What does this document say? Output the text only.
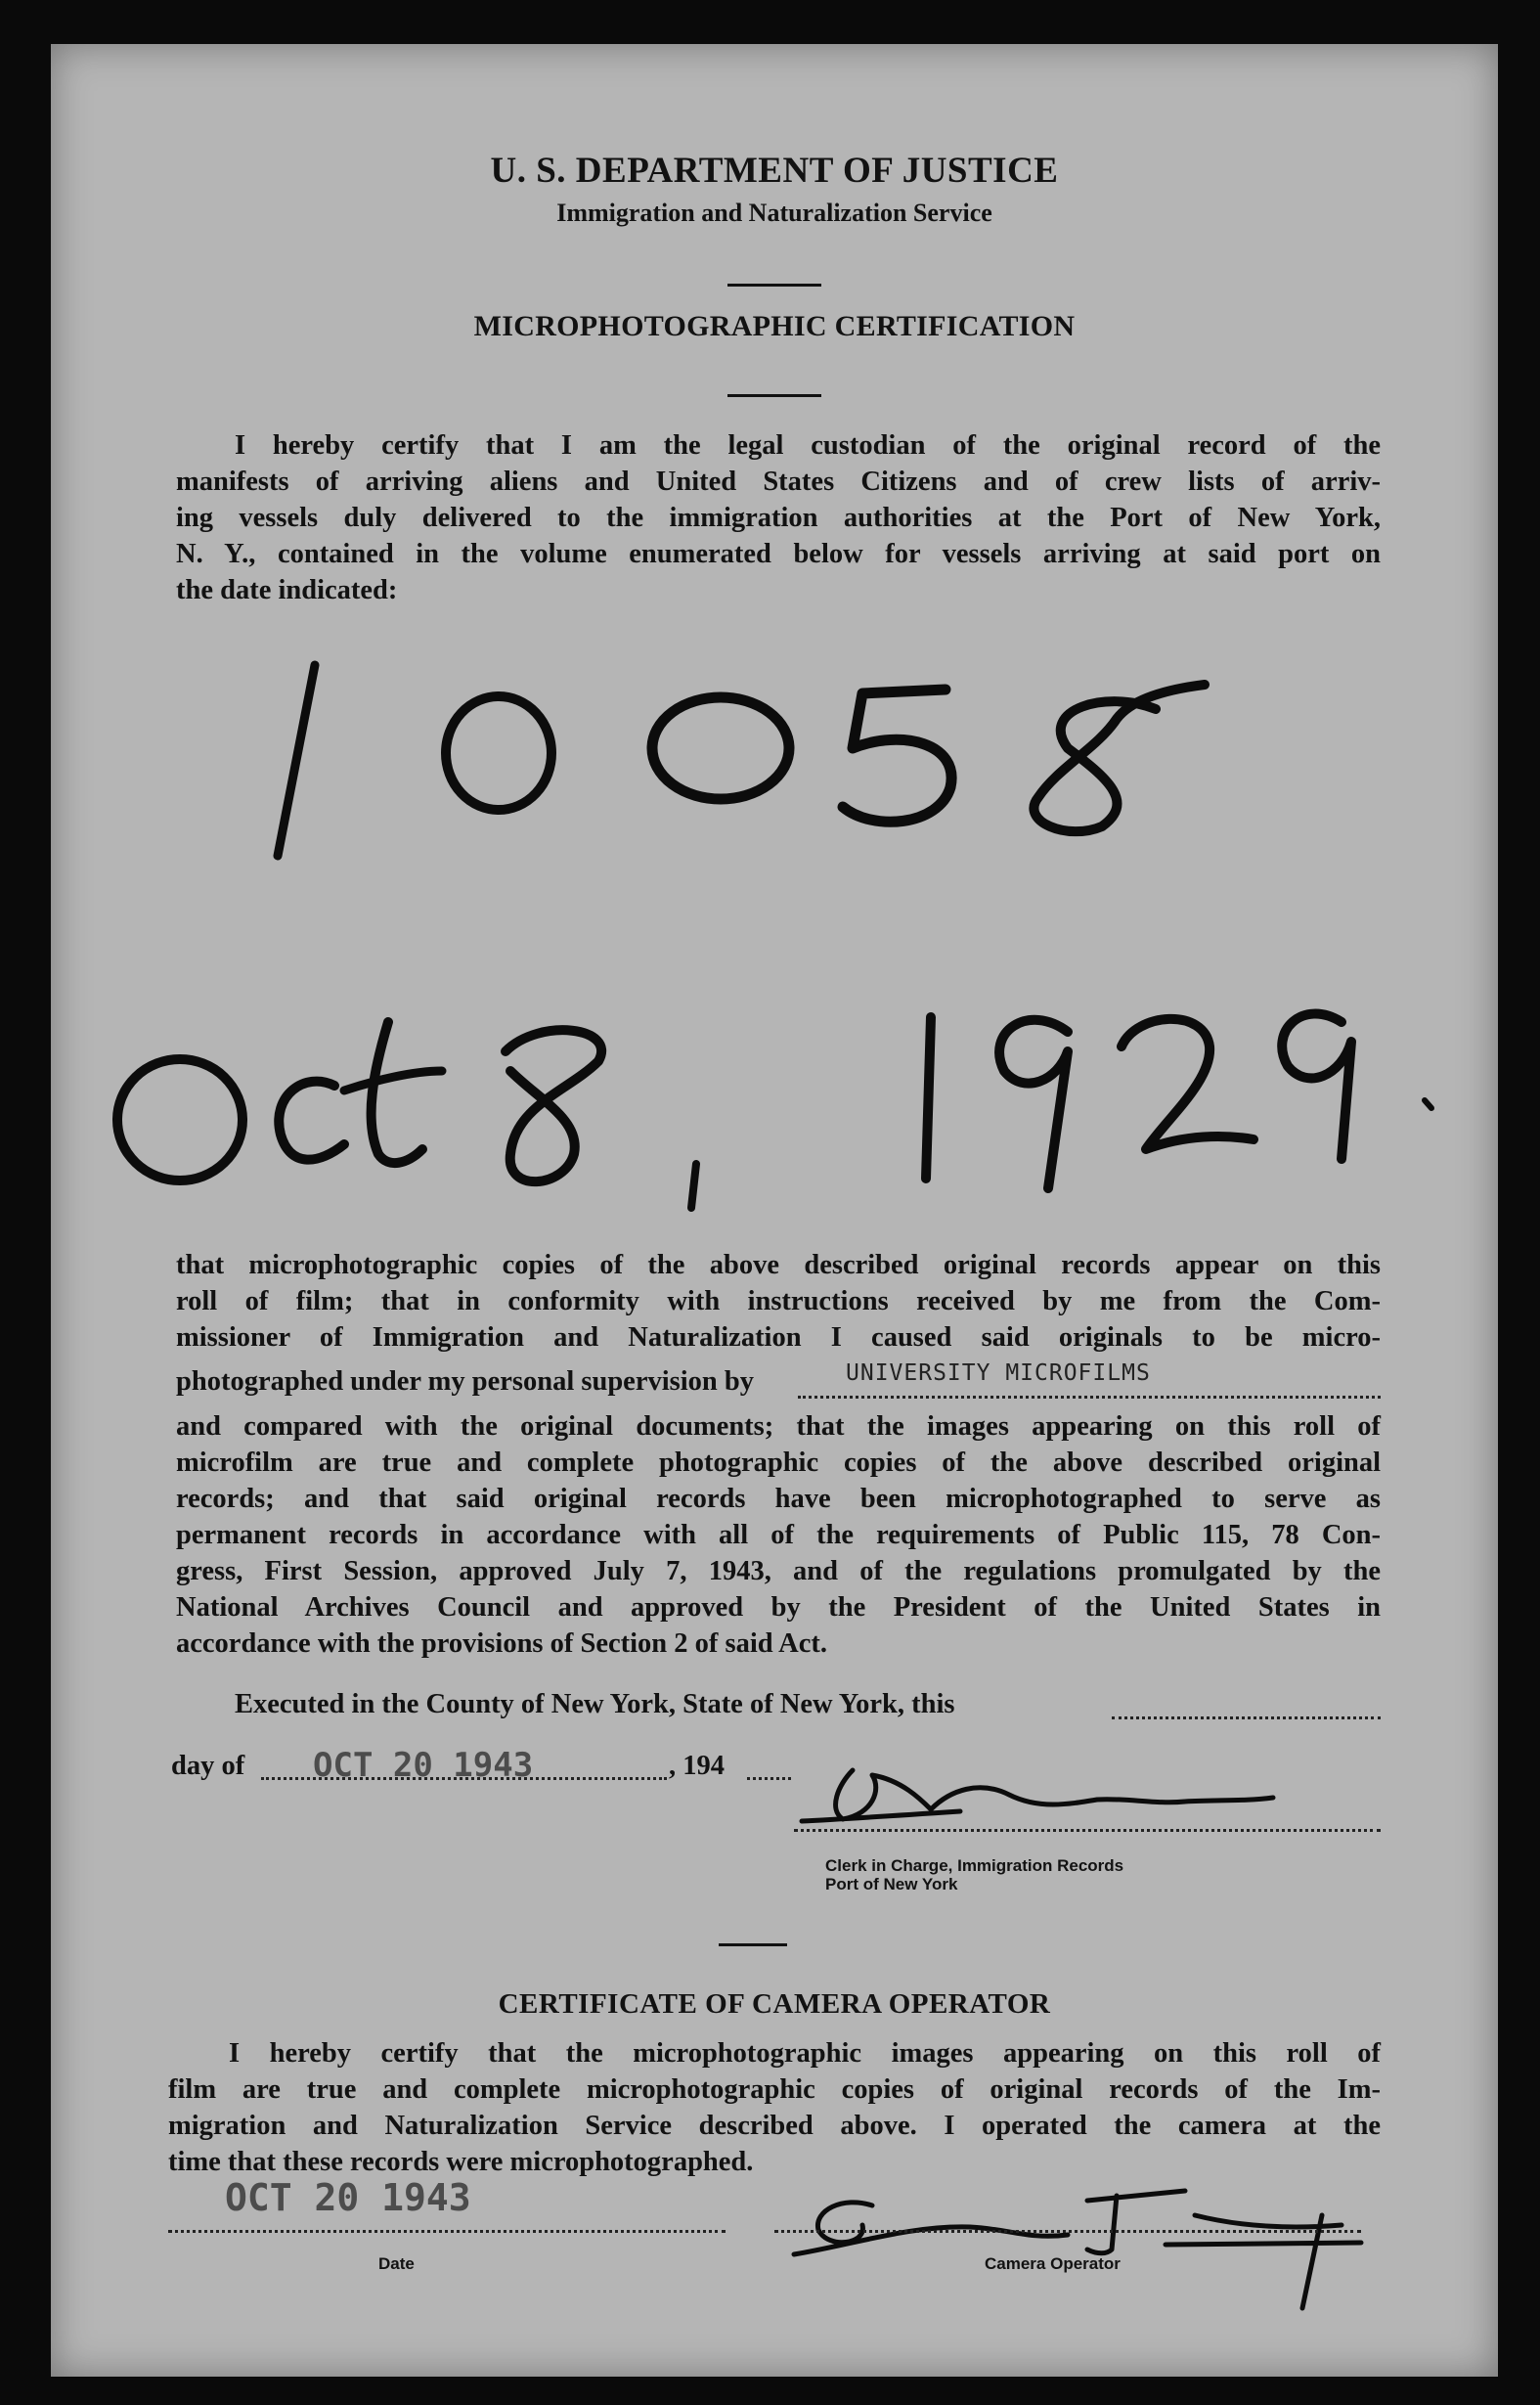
U. S. DEPARTMENT OF JUSTICE
Immigration and Naturalization Service
MICROPHOTOGRAPHIC CERTIFICATION
I hereby certify that I am the legal custodian of the original record of the
manifests of arriving aliens and United States Citizens and of crew lists of arriv-
ing vessels duly delivered to the immigration authorities at the Port of New York,
N. Y., contained in the volume enumerated below for vessels arriving at said port on
the date indicated:
that microphotographic copies of the above described original records appear on this
roll of film; that in conformity with instructions received by me from the Com-
missioner of Immigration and Naturalization I caused said originals to be micro-
photographed under my personal supervision by	UNIVERSITY MICROFILMS
and compared with the original documents; that the images appearing on this roll of
microfilm are true and complete photographic copies of the above described original
records; and that said original records have been microphotographed to serve as
permanent records in accordance with all of the requirements of Public 115, 78 Con-
gress, First Session, approved July 7, 1943, and of the regulations promulgated by the
National Archives Council and approved by the President of the United States in
accordance with the provisions of Section 2 of said Act.
Executed in the County of New York, State of New York, this
day of OCT 20 1943	, 194
Clerk in Charge, Immigration Records
Port of New York
CERTIFICATE OF CAMERA OPERATOR
I hereby certify that the microphotographic images appearing on this roll of
film are true and complete microphotographic copies of original records of the Im-
migration and Naturalization Service described above. I operated the camera at the
time that these records were microphotographed.
OCT 20 1943
Date	Camera Operator
